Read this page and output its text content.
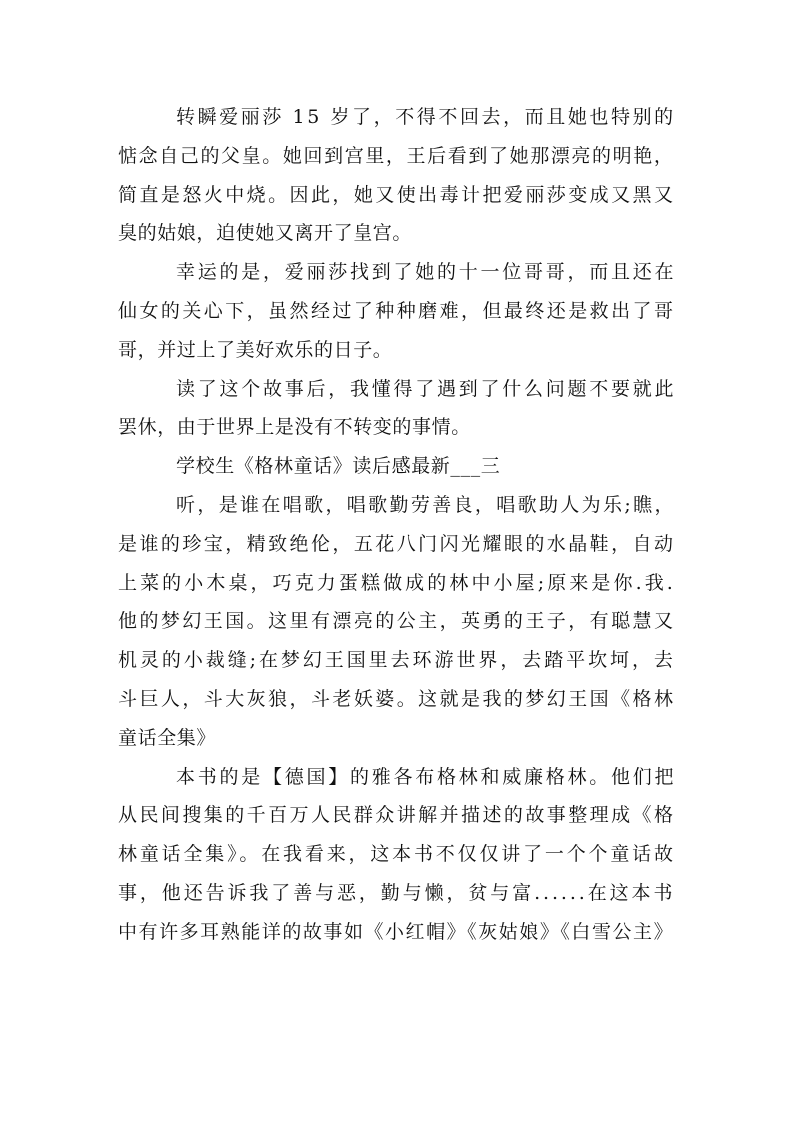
转瞬爱丽莎 15 岁了，不得不回去，而且她也特别的
惦念自己的父皇。她回到宫里，王后看到了她那漂亮的明艳，
简直是怒火中烧。因此，她又使出毒计把爱丽莎变成又黑又
臭的姑娘，迫使她又离开了皇宫。
幸运的是，爱丽莎找到了她的十一位哥哥，而且还在
仙女的关心下，虽然经过了种种磨难，但最终还是救出了哥
哥，并过上了美好欢乐的日子。
读了这个故事后，我懂得了遇到了什么问题不要就此
罢休，由于世界上是没有不转变的事情。
学校生《格林童话》读后感最新___三
听，是谁在唱歌，唱歌勤劳善良，唱歌助人为乐;瞧，
是谁的珍宝，精致绝伦，五花八门闪光耀眼的水晶鞋，自动
上菜的小木桌，巧克力蛋糕做成的林中小屋;原来是你.我.
他的梦幻王国。这里有漂亮的公主，英勇的王子，有聪慧又
机灵的小裁缝;在梦幻王国里去环游世界，去踏平坎坷，去
斗巨人，斗大灰狼，斗老妖婆。这就是我的梦幻王国《格林
童话全集》
本书的是【德国】的雅各布格林和威廉格林。他们把
从民间搜集的千百万人民群众讲解并描述的故事整理成《格
林童话全集》。在我看来，这本书不仅仅讲了一个个童话故
事，他还告诉我了善与恶，勤与懒，贫与富......在这本书
中有许多耳熟能详的故事如《小红帽》《灰姑娘》《白雪公主》
